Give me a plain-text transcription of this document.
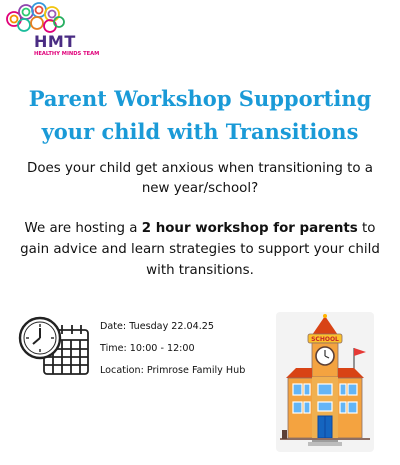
HMT
HEALTHY MINDS TEAM
Parent Workshop Supporting
your child with Transitions
Does your child get anxious when transitioning to a
new year/school?
We are hosting a 2 hour workshop for parents to
gain advice and learn strategies to support your child
with transitions.
Date: Tuesday 22.04.25
Time: 10:00 - 12:00
Location: Primrose Family Hub
SCHOOL
